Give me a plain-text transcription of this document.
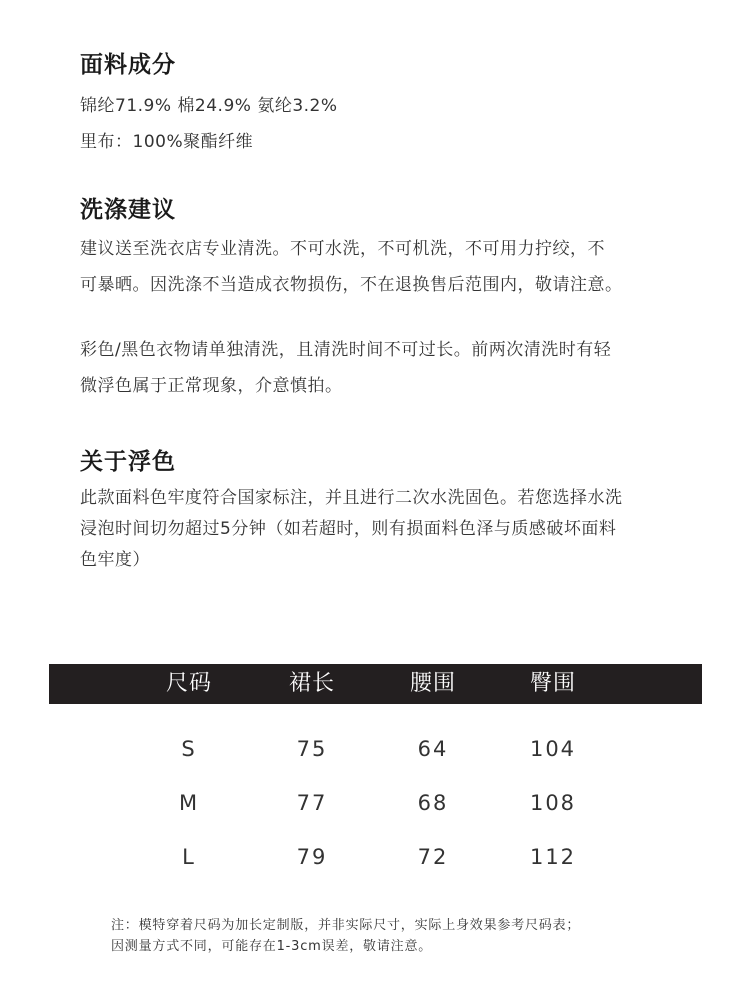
面料成分

锦纶71.9% 棉24.9% 氨纶3.2%

里布：100%聚酯纤维

洗涤建议

建议送至洗衣店专业清洗。不可水洗，不可机洗，不可用力拧绞，不

可暴晒。因洗涤不当造成衣物损伤，不在退换售后范围内，敬请注意。

彩色/黑色衣物请单独清洗，且清洗时间不可过长。前两次清洗时有轻

微浮色属于正常现象，介意慎拍。

关于浮色

此款面料色牢度符合国家标注，并且进行二次水洗固色。若您选择水洗

浸泡时间切勿超过5分钟（如若超时，则有损面料色泽与质感破坏面料

色牢度）

尺码	裙长	腰围	臀围
S	75	64	104
M	77	68	108
L	79	72	112

注：模特穿着尺码为加长定制版，并非实际尺寸，实际上身效果参考尺码表；

因测量方式不同，可能存在1-3cm误差，敬请注意。
